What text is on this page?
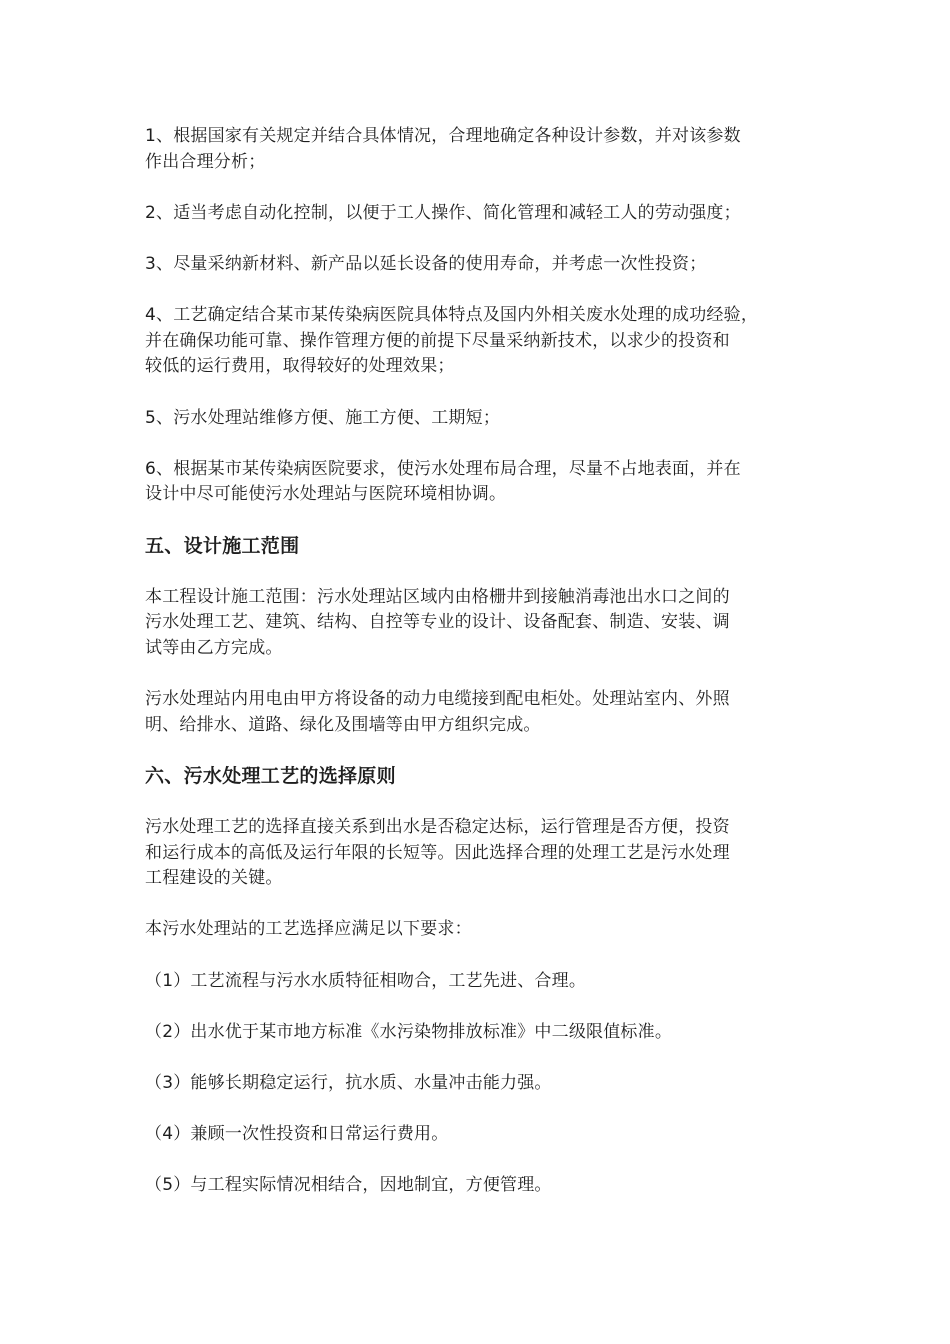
1、根据国家有关规定并结合具体情况，合理地确定各种设计参数，并对该参数
作出合理分析；
2、适当考虑自动化控制，以便于工人操作、简化管理和减轻工人的劳动强度；
3、尽量采纳新材料、新产品以延长设备的使用寿命，并考虑一次性投资；
4、工艺确定结合某市某传染病医院具体特点及国内外相关废水处理的成功经验，
并在确保功能可靠、操作管理方便的前提下尽量采纳新技术，以求少的投资和
较低的运行费用，取得较好的处理效果；
5、污水处理站维修方便、施工方便、工期短；
6、根据某市某传染病医院要求，使污水处理布局合理，尽量不占地表面，并在
设计中尽可能使污水处理站与医院环境相协调。
五、设计施工范围
本工程设计施工范围：污水处理站区域内由格栅井到接触消毒池出水口之间的
污水处理工艺、建筑、结构、自控等专业的设计、设备配套、制造、安装、调
试等由乙方完成。
污水处理站内用电由甲方将设备的动力电缆接到配电柜处。处理站室内、外照
明、给排水、道路、绿化及围墙等由甲方组织完成。
六、污水处理工艺的选择原则
污水处理工艺的选择直接关系到出水是否稳定达标，运行管理是否方便，投资
和运行成本的高低及运行年限的长短等。因此选择合理的处理工艺是污水处理
工程建设的关键。
本污水处理站的工艺选择应满足以下要求：
（1）工艺流程与污水水质特征相吻合，工艺先进、合理。
（2）出水优于某市地方标准《水污染物排放标准》中二级限值标准。
（3）能够长期稳定运行，抗水质、水量冲击能力强。
（4）兼顾一次性投资和日常运行费用。
（5）与工程实际情况相结合，因地制宜，方便管理。
